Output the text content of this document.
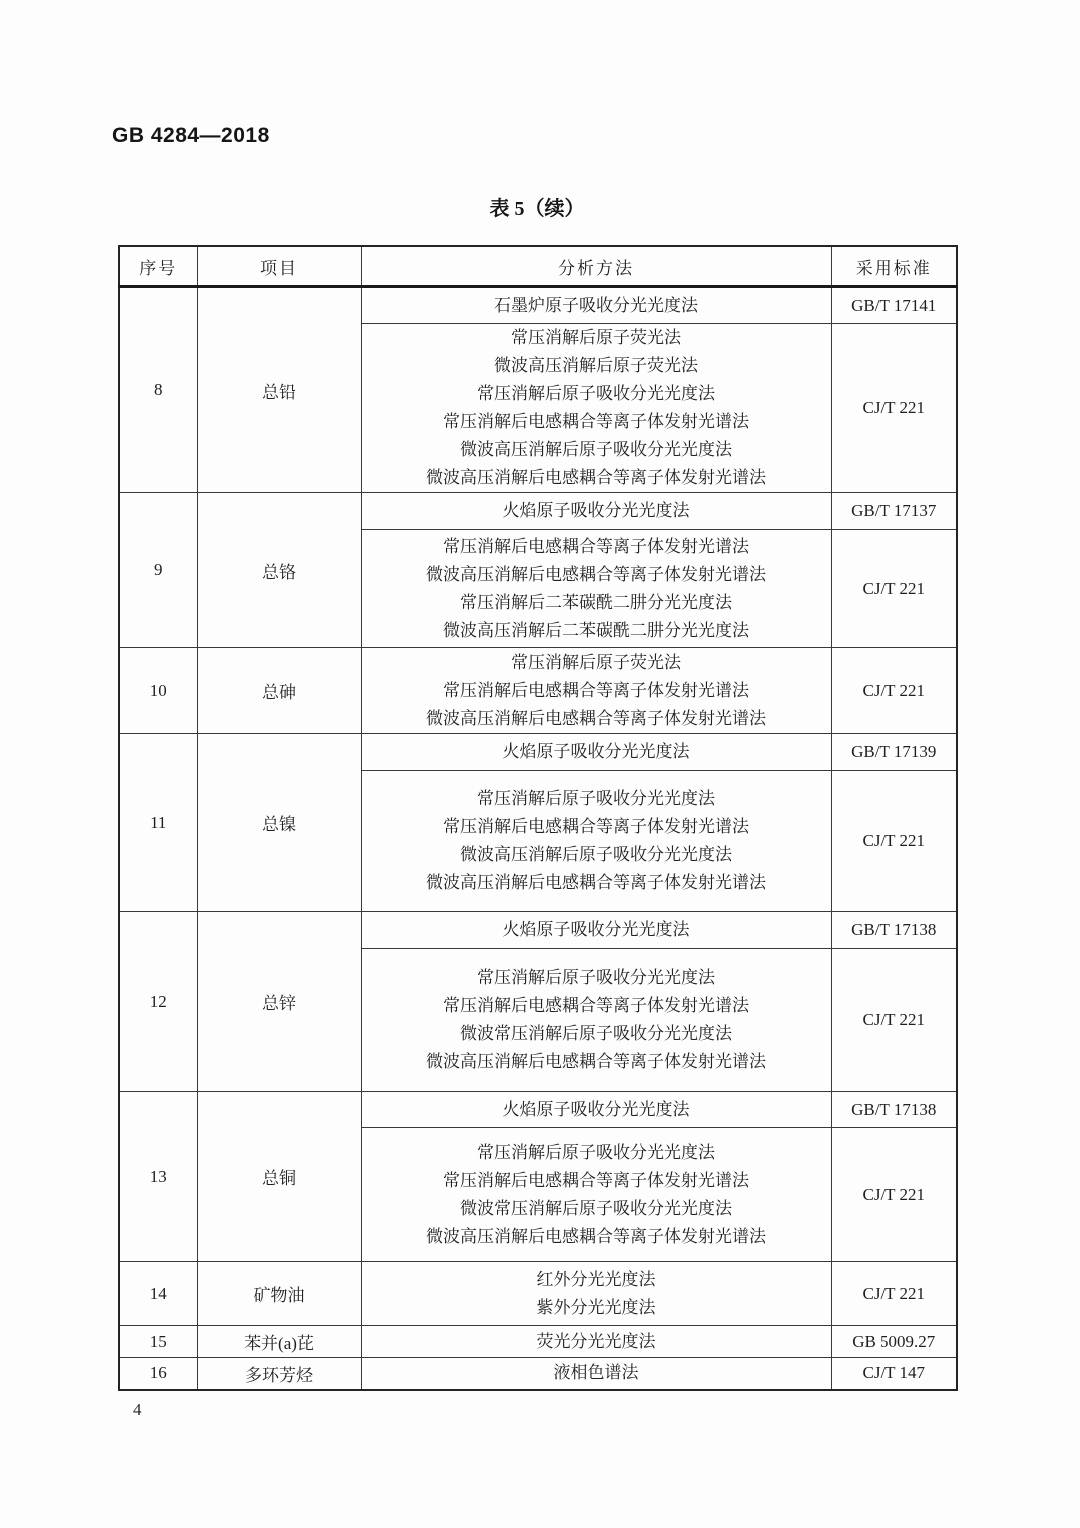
GB 4284—2018
表 5（续）
序号	项目	分析方法	采用标准
8	总铅	石墨炉原子吸收分光光度法	GB/T 17141

常压消解后原子荧光法
微波高压消解后原子荧光法
常压消解后原子吸收分光光度法
常压消解后电感耦合等离子体发射光谱法
微波高压消解后原子吸收分光光度法
微波高压消解后电感耦合等离子体发射光谱法
	CJ/T 221
9	总铬	火焰原子吸收分光光度法	GB/T 17137

		常压消解后电感耦合等离子体发射光谱法
微波高压消解后电感耦合等离子体发射光谱法
常压消解后二苯碳酰二肼分光光度法
微波高压消解后二苯碳酰二肼分光光度法	CJ/T 221
10	总砷	常压消解后原子荧光法
常压消解后电感耦合等离子体发射光谱法
微波高压消解后电感耦合等离子体发射光谱法	CJ/T 221
11	总镍	火焰原子吸收分光光度法	GB/T 17139

		常压消解后原子吸收分光光度法
常压消解后电感耦合等离子体发射光谱法
微波高压消解后原子吸收分光光度法
微波高压消解后电感耦合等离子体发射光谱法	CJ/T 221
12	总锌	火焰原子吸收分光光度法	GB/T 17138

		常压消解后原子吸收分光光度法
常压消解后电感耦合等离子体发射光谱法
微波常压消解后原子吸收分光光度法
微波高压消解后电感耦合等离子体发射光谱法	CJ/T 221
13	总铜	火焰原子吸收分光光度法	GB/T 17138

		常压消解后原子吸收分光光度法
常压消解后电感耦合等离子体发射光谱法
微波常压消解后原子吸收分光光度法
微波高压消解后电感耦合等离子体发射光谱法	CJ/T 221
14	矿物油	红外分光光度法
紫外分光光度法	CJ/T 221
15	苯并(a)芘	荧光分光光度法	GB 5009.27
16	多环芳烃	液相色谱法	CJ/T 147
4
